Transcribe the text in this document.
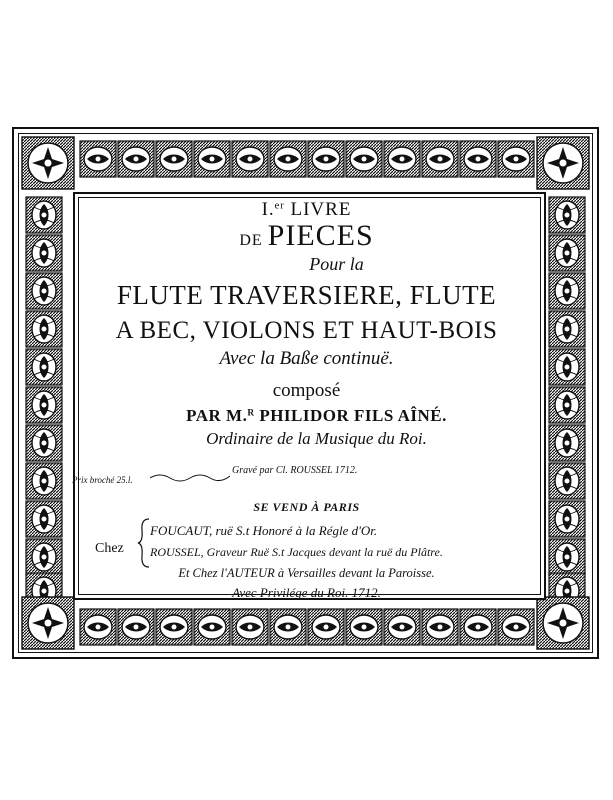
I.$^{er}$ LIVRE
DE PIECES
Pour la
FLUTE TRAVERSIERE, FLUTE
A BEC, VIOLONS ET HAUT-BOIS
Avec la Baße continuë.
composé
PAR M.$^R$ PHILIDOR FILS AÎNÉ.
Ordinaire de la Musique du Roi.
Prix broché 25.l.
Gravé par Cl. ROUSSEL 1712.
SE VEND À PARIS
Chez
FOUCAUT, ruë S.t Honoré à la Régle d'Or.
ROUSSEL, Graveur Ruë S.t Jacques devant la ruë du Plâtre.
Et Chez l'AUTEUR à Versailles devant la Paroisse.
Avec Privilége du Roi. 1712.
